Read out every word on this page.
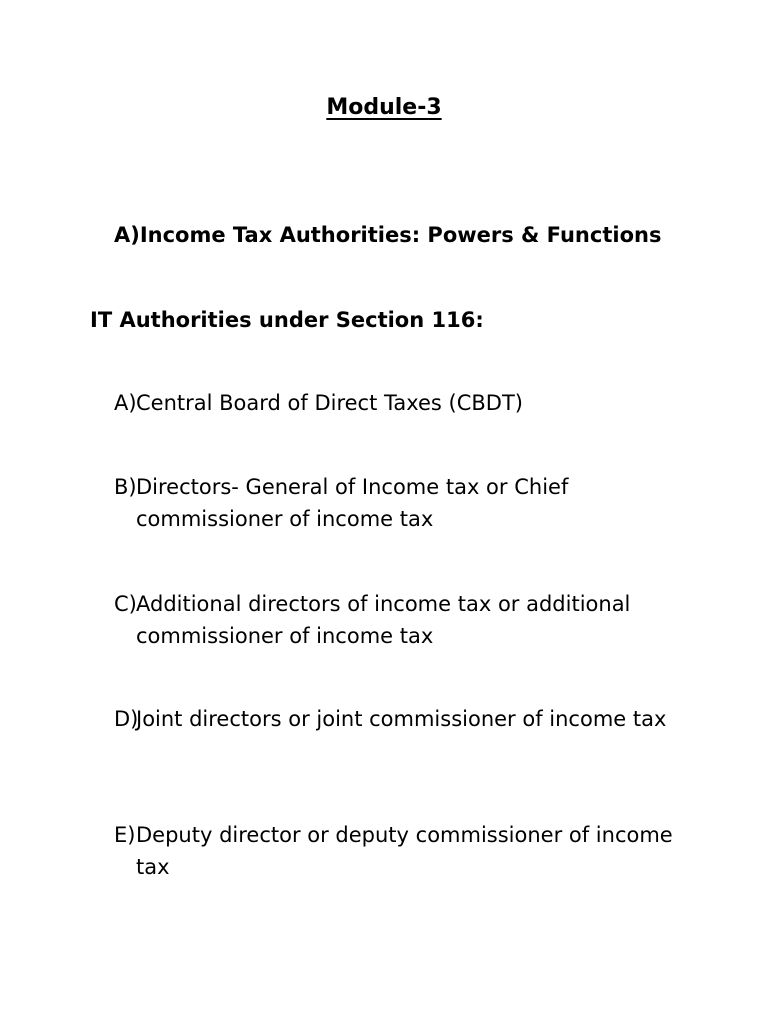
Module-3
A)Income Tax Authorities: Powers & Functions
IT Authorities under Section 116:
A) Central Board of Direct Taxes (CBDT)
B) Directors- General of Income tax or Chief commissioner of income tax
C) Additional directors of income tax or additional commissioner of income tax
D)
Joint directors or joint commissioner of income tax
E) Deputy director or deputy commissioner of income tax
